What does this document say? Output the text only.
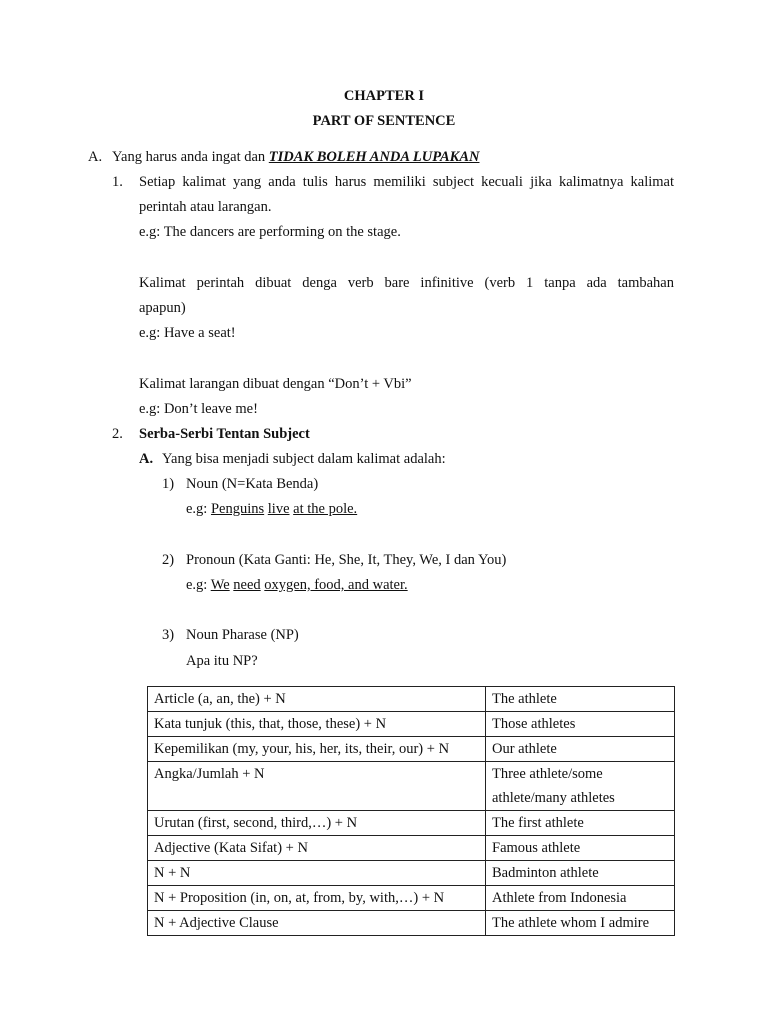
CHAPTER I
PART OF SENTENCE
A. Yang harus anda ingat dan TIDAK BOLEH ANDA LUPAKAN
1. Setiap kalimat yang anda tulis harus memiliki subject kecuali jika kalimatnya kalimat
perintah atau larangan.
e.g: The dancers are performing on the stage.
Kalimat perintah dibuat denga verb bare infinitive (verb 1 tanpa ada tambahan
apapun)
e.g: Have a seat!
Kalimat larangan dibuat dengan “Don’t + Vbi”
e.g: Don’t leave me!
2. Serba-Serbi Tentan Subject
A. Yang bisa menjadi subject dalam kalimat adalah:
1) Noun (N=Kata Benda)
e.g: Penguins live at the pole.
2) Pronoun (Kata Ganti: He, She, It, They, We, I dan You)
e.g: We need oxygen, food, and water.
3) Noun Pharase (NP)
Apa itu NP?
Article (a, an, the) + N	The athlete
Kata tunjuk (this, that, those, these) + N	Those athletes
Kepemilikan (my, your, his, her, its, their, our) + N	Our athlete
Angka/Jumlah + N	Three athlete/some athlete/many athletes
Urutan (first, second, third,…) + N	The first athlete
Adjective (Kata Sifat) + N	Famous athlete
N + N	Badminton athlete
N + Proposition (in, on, at, from, by, with,…) + N	Athlete from Indonesia
N + Adjective Clause	The athlete whom I admire
